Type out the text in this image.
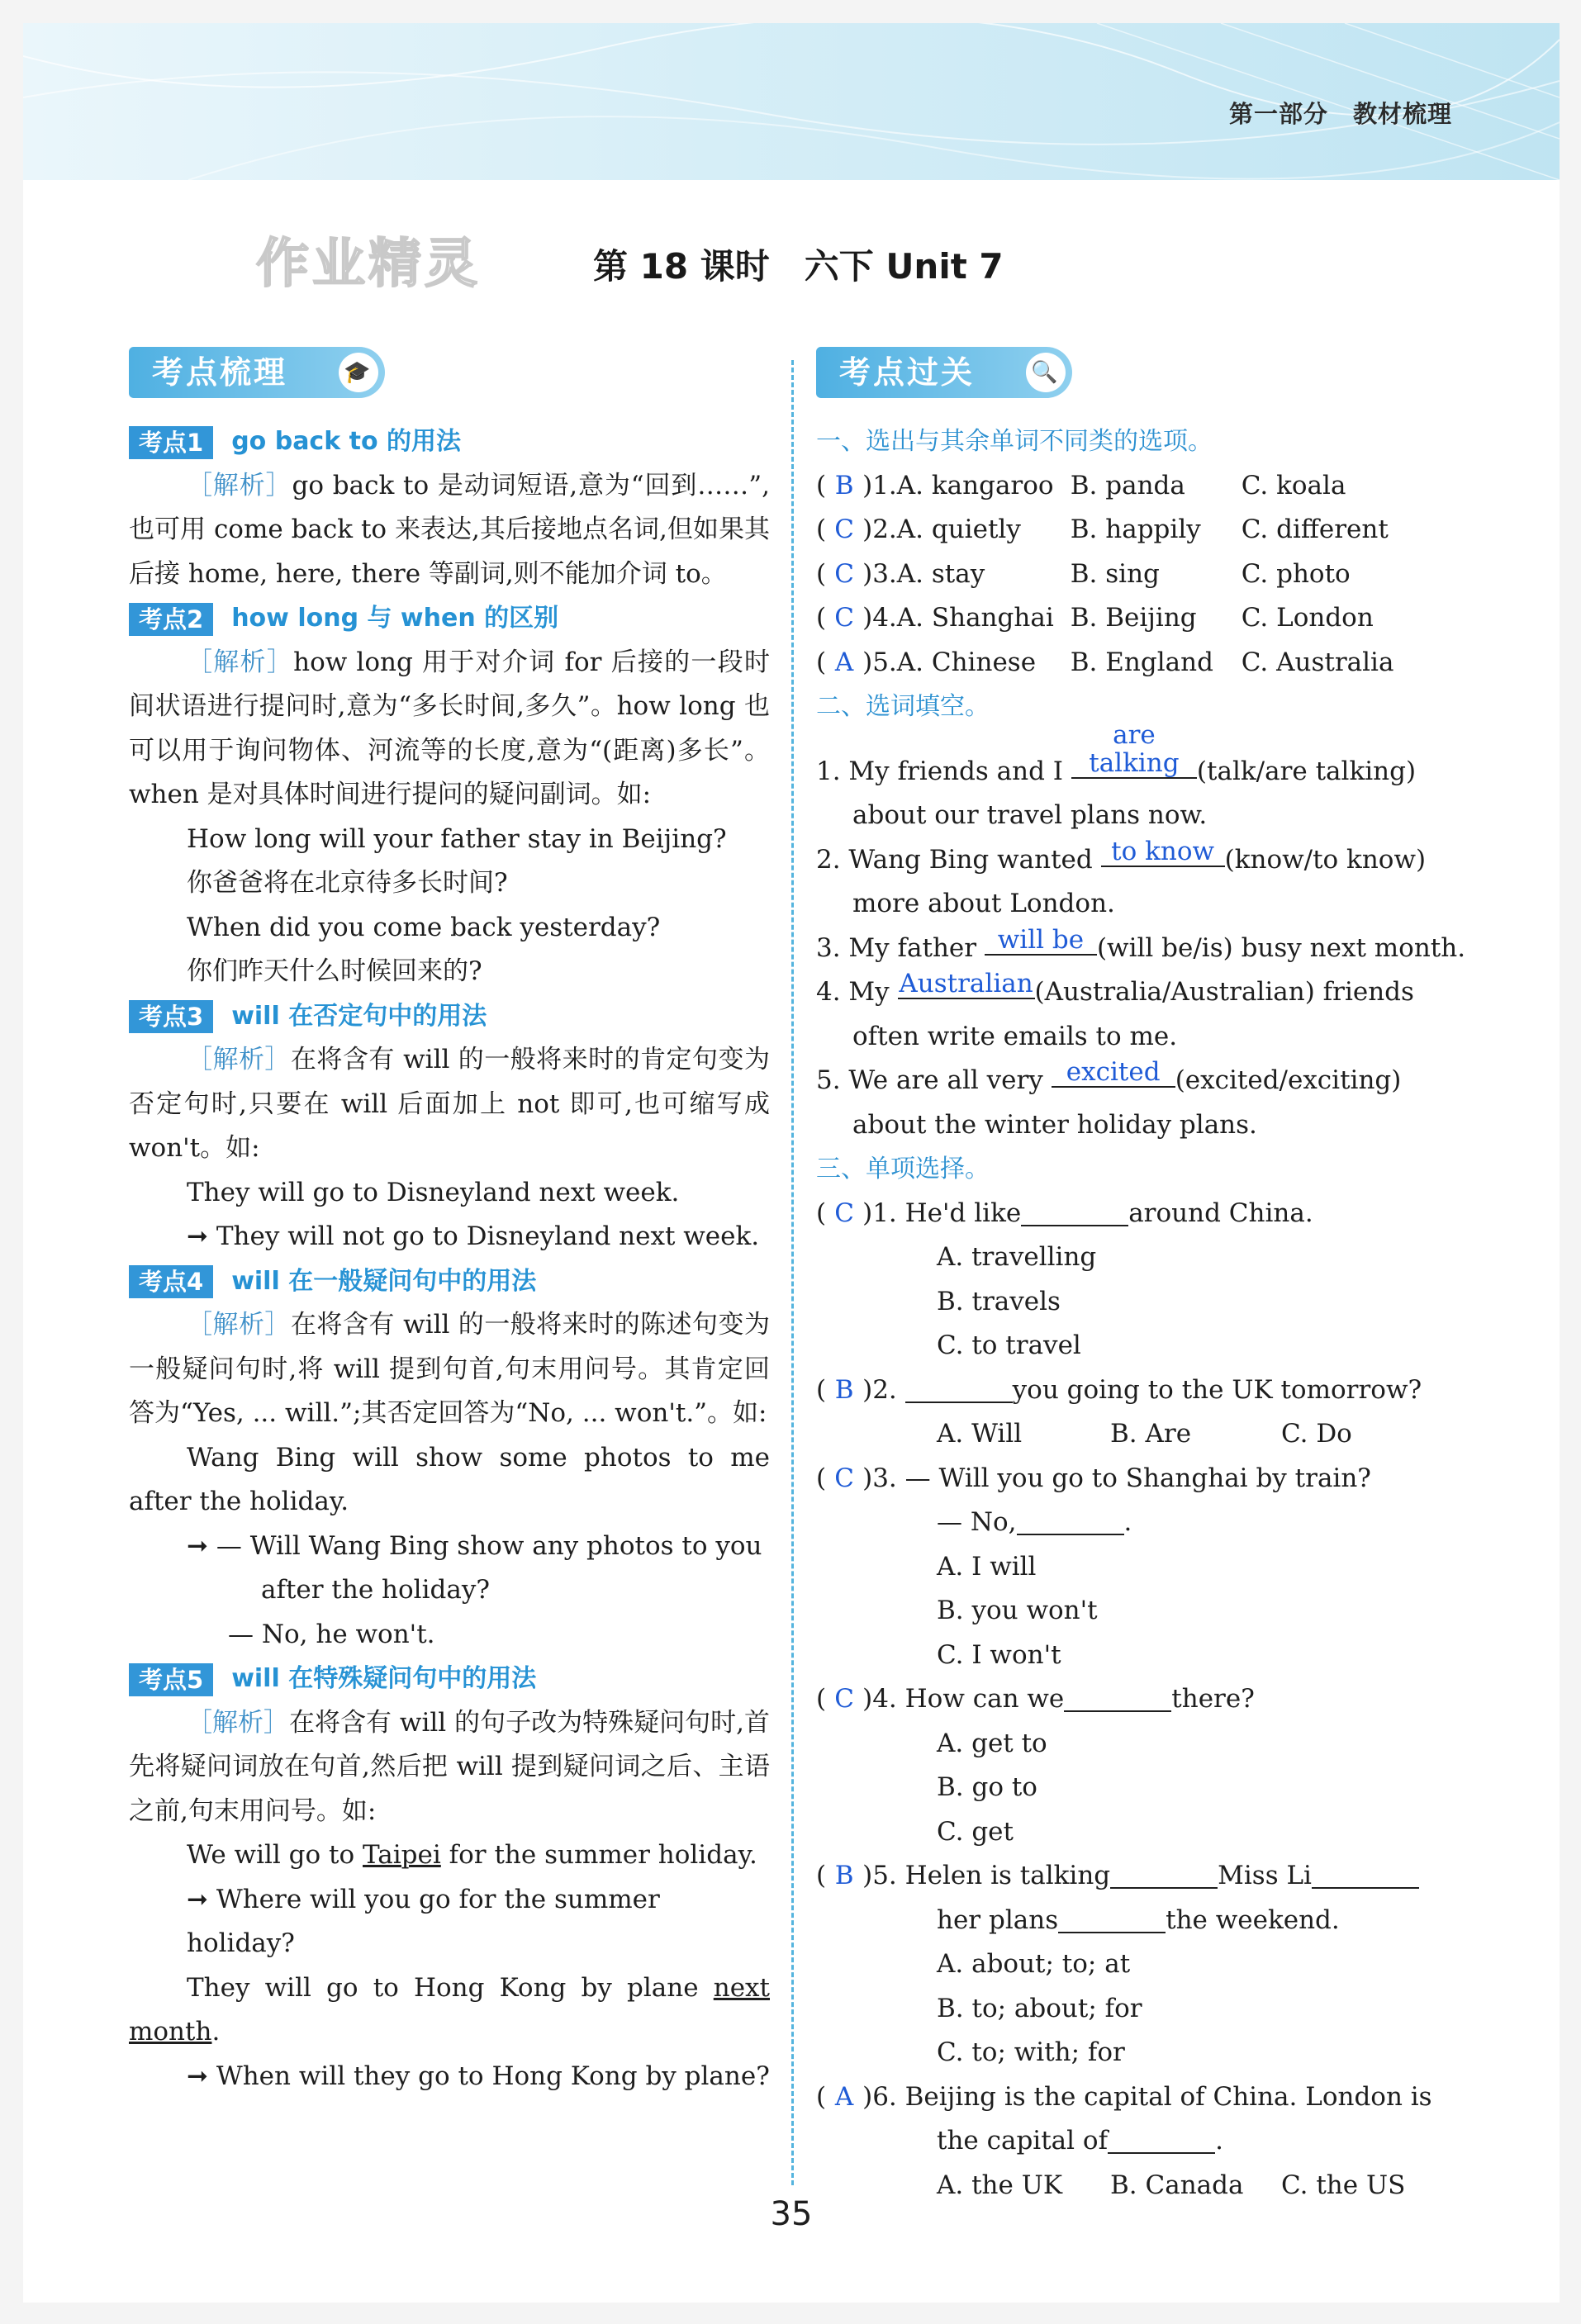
第一部分　教材梳理
作业精灵	第 18 课时　六下 Unit 7
考点梳理	🎓
考点1 go back to 的用法

［解析］go back to 是动词短语,意为“回到……”,也可用 come back to 来表达,其后接地点名词,但如果其后接 home, here, there 等副词,则不能加介词 to。

考点2 how long 与 when 的区别

［解析］how long 用于对介词 for 后接的一段时间状语进行提问时,意为“多长时间,多久”。how long 也可以用于询问物体、河流等的长度,意为“(距离)多长”。when 是对具体时间进行提问的疑问副词。如:

How long will your father stay in Beijing?

你爸爸将在北京待多长时间?

When did you come back yesterday?

你们昨天什么时候回来的?

考点3 will 在否定句中的用法

［解析］在将含有 will 的一般将来时的肯定句变为否定句时,只要在 will 后面加上 not 即可,也可缩写成 won't。如:

They will go to Disneyland next week.

➞ They will not go to Disneyland next week.

考点4 will 在一般疑问句中的用法

［解析］在将含有 will 的一般将来时的陈述句变为一般疑问句时,将 will 提到句首,句末用问号。其肯定回答为“Yes, ... will.”;其否定回答为“No, ... won't.”。如:

Wang Bing will show some photos to me after the holiday.

➞ — Will Wang Bing show any photos to you

after the holiday?

— No, he won't.

考点5 will 在特殊疑问句中的用法

［解析］在将含有 will 的句子改为特殊疑问句时,首先将疑问词放在句首,然后把 will 提到疑问词之后、主语之前,句末用问号。如:

We will go to Taipei for the summer holiday.

➞ Where will you go for the summer holiday?

They will go to Hong Kong by plane next month.

➞ When will they go to Hong Kong by plane?

考点过关	🔍

一、选出与其余单词不同类的选项。

( B )1. A. kangaroo B. panda	C. koala
( C )2. A. quietly	B. happily	C. different
( C )3. A. stay	B. sing	C. photo
( C )4. A. Shanghai B. Beijing	C. London
( A )5. A. Chinese	B. England	C. Australia

二、选词填空。

1. My friends and I are talking (talk/are talking)

about our travel plans now.

2. Wang Bing wanted to know (know/to know)

more about London.

3. My father will be (will be/is) busy next month.

4. My Australian(Australia/Australian) friends

often write emails to me.

5. We are all very excited (excited/exciting)

about the winter holiday plans.

三、单项选择。

( C )1.
He'd like	around China.

A. travelling

B. travels

C. to travel

( B )2.
	you going to the UK tomorrow?
A. Will	B. Are	C. Do
( C )3.
— Will you go to Shanghai by train?
— No,	.

A. I will

B. you won't

C. I won't

( C )4.
How can we	there?

A. get to

B. go to

C. get

( B )5.
Helen is talking	Miss Li
her plans	the weekend.

A. about; to; at

B. to; about; for

C. to; with; for

( A )6.
Beijing is the capital of China. London is
the capital of	.
A. the UK	B. Canada	C. the US
35
